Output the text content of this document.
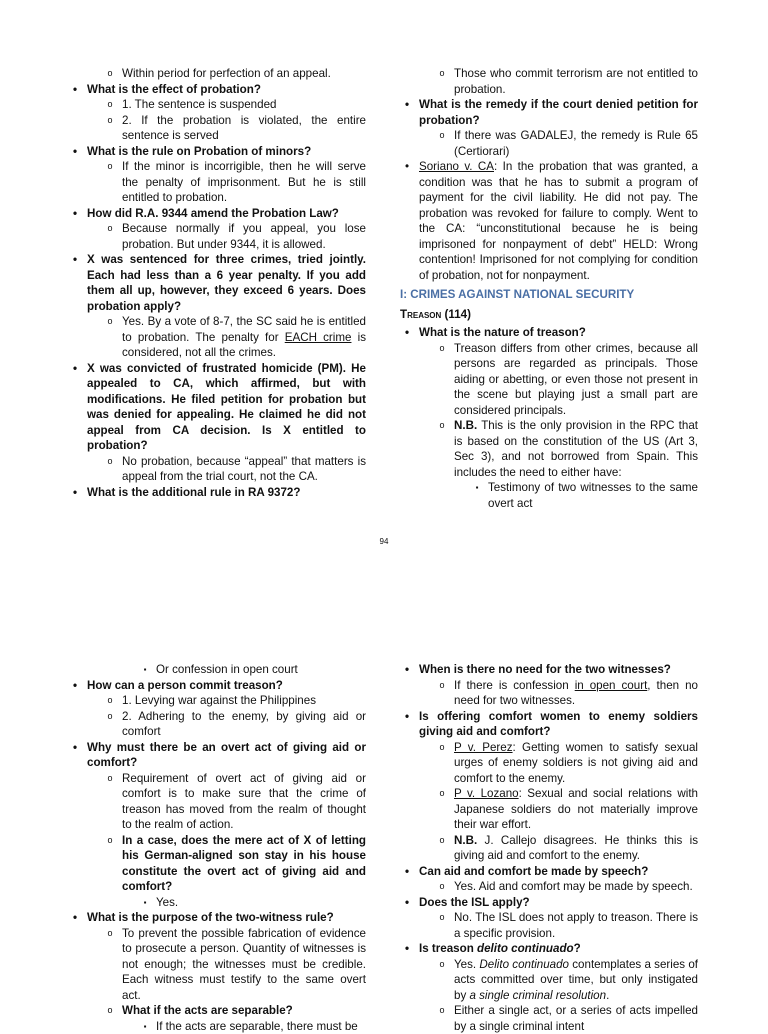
o Within period for perfection of an appeal.
• What is the effect of probation?
o 1. The sentence is suspended
o 2. If the probation is violated, the entire sentence is served
• What is the rule on Probation of minors?
o If the minor is incorrigible, then he will serve the penalty of imprisonment. But he is still entitled to probation.
• How did R.A. 9344 amend the Probation Law?
o Because normally if you appeal, you lose probation. But under 9344, it is allowed.
• X was sentenced for three crimes, tried jointly. Each had less than a 6 year penalty. If you add them all up, however, they exceed 6 years. Does probation apply?
o Yes. By a vote of 8-7, the SC said he is entitled to probation. The penalty for EACH crime is considered, not all the crimes.
• X was convicted of frustrated homicide (PM). He appealed to CA, which affirmed, but with modifications. He filed petition for probation but was denied for appealing. He claimed he did not appeal from CA decision. Is X entitled to probation?
o No probation, because “appeal” that matters is appeal from the trial court, not the CA.
• What is the additional rule in RA 9372?
o Those who commit terrorism are not entitled to probation.
• What is the remedy if the court denied petition for probation?
o If there was GADALEJ, the remedy is Rule 65 (Certiorari)
• Soriano v. CA: In the probation that was granted, a condition was that he has to submit a program of payment for the civil liability. He did not pay. The probation was revoked for failure to comply. Went to the CA: “unconstitutional because he is being imprisoned for nonpayment of debt” HELD: Wrong contention! Imprisoned for not complying for condition of probation, not for nonpayment.
I: CRIMES AGAINST NATIONAL SECURITY
Treason (114)
• What is the nature of treason?
o Treason differs from other crimes, because all persons are regarded as principals. Those aiding or abetting, or even those not present in the scene but playing just a small part are considered principals.
o N.B. This is the only provision in the RPC that is based on the constitution of the US (Art 3, Sec 3), and not borrowed from Spain. This includes the need to either have:
▪ Testimony of two witnesses to the same overt act
94
▪ Or confession in open court
• How can a person commit treason?
o 1. Levying war against the Philippines
o 2. Adhering to the enemy, by giving aid or comfort
• Why must there be an overt act of giving aid or comfort?
o Requirement of overt act of giving aid or comfort is to make sure that the crime of treason has moved from the realm of thought to the realm of action.
o In a case, does the mere act of X of letting his German-aligned son stay in his house constitute the overt act of giving aid and comfort?
▪ Yes.
• What is the purpose of the two-witness rule?
o To prevent the possible fabrication of evidence to prosecute a person. Quantity of witnesses is not enough; the witnesses must be credible. Each witness must testify to the same overt act.
o What if the acts are separable?
▪ If the acts are separable, there must be
• When is there no need for the two witnesses?
o If there is confession in open court, then no need for two witnesses.
• Is offering comfort women to enemy soldiers giving aid and comfort?
o P v. Perez: Getting women to satisfy sexual urges of enemy soldiers is not giving aid and comfort to the enemy.
o P v. Lozano: Sexual and social relations with Japanese soldiers do not materially improve their war effort.
o N.B. J. Callejo disagrees. He thinks this is giving aid and comfort to the enemy.
• Can aid and comfort be made by speech?
o Yes. Aid and comfort may be made by speech.
• Does the ISL apply?
o No. The ISL does not apply to treason. There is a specific provision.
• Is treason delito continuado?
o Yes. Delito continuado contemplates a series of acts committed over time, but only instigated by a single criminal resolution.
o Either a single act, or a series of acts impelled by a single criminal intent
